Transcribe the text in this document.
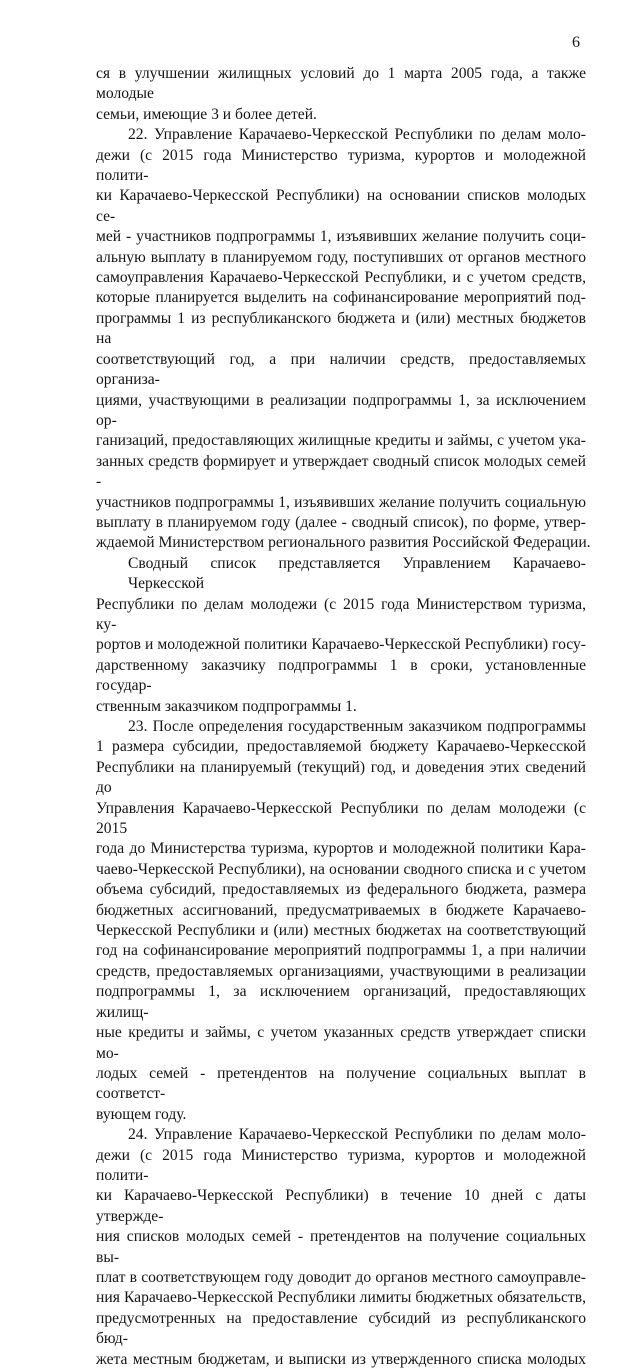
6
ся в улучшении жилищных условий до 1 марта 2005 года, а также молодые
семьи, имеющие 3 и более детей.
22. Управление Карачаево-Черкесской Республики по делам моло-
дежи (с 2015 года Министерство туризма, курортов и молодежной полити-
ки Карачаево-Черкесской Республики) на основании списков молодых се-
мей - участников подпрограммы 1, изъявивших желание получить соци-
альную выплату в планируемом году, поступивших от органов местного
самоуправления Карачаево-Черкесской Республики, и с учетом средств,
которые планируется выделить на софинансирование мероприятий под-
программы 1 из республиканского бюджета и (или) местных бюджетов на
соответствующий год, а при наличии средств, предоставляемых организа-
циями, участвующими в реализации подпрограммы 1, за исключением ор-
ганизаций, предоставляющих жилищные кредиты и займы, с учетом ука-
занных средств формирует и утверждает сводный список молодых семей -
участников подпрограммы 1, изъявивших желание получить социальную
выплату в планируемом году (далее - сводный список), по форме, утвер-
ждаемой Министерством регионального развития Российской Федерации.
Сводный список представляется Управлением Карачаево-Черкесской
Республики по делам молодежи (с 2015 года Министерством туризма, ку-
рортов и молодежной политики Карачаево-Черкесской Республики) госу-
дарственному заказчику подпрограммы 1 в сроки, установленные государ-
ственным заказчиком подпрограммы 1.
23. После определения государственным заказчиком подпрограммы
1 размера субсидии, предоставляемой бюджету Карачаево-Черкесской
Республики на планируемый (текущий) год, и доведения этих сведений до
Управления Карачаево-Черкесской Республики по делам молодежи (с 2015
года до Министерства туризма, курортов и молодежной политики Кара-
чаево-Черкесской Республики), на основании сводного списка и с учетом
объема субсидий, предоставляемых из федерального бюджета, размера
бюджетных ассигнований, предусматриваемых в бюджете Карачаево-
Черкесской Республики и (или) местных бюджетах на соответствующий
год на софинансирование мероприятий подпрограммы 1, а при наличии
средств, предоставляемых организациями, участвующими в реализации
подпрограммы 1, за исключением организаций, предоставляющих жилищ-
ные кредиты и займы, с учетом указанных средств утверждает списки мо-
лодых семей - претендентов на получение социальных выплат в соответст-
вующем году.
24. Управление Карачаево-Черкесской Республики по делам моло-
дежи (с 2015 года Министерство туризма, курортов и молодежной полити-
ки Карачаево-Черкесской Республики) в течение 10 дней с даты утвержде-
ния списков молодых семей - претендентов на получение социальных вы-
плат в соответствующем году доводит до органов местного самоуправле-
ния Карачаево-Черкесской Республики лимиты бюджетных обязательств,
предусмотренных на предоставление субсидий из республиканского бюд-
жета местным бюджетам, и выписки из утвержденного списка молодых
